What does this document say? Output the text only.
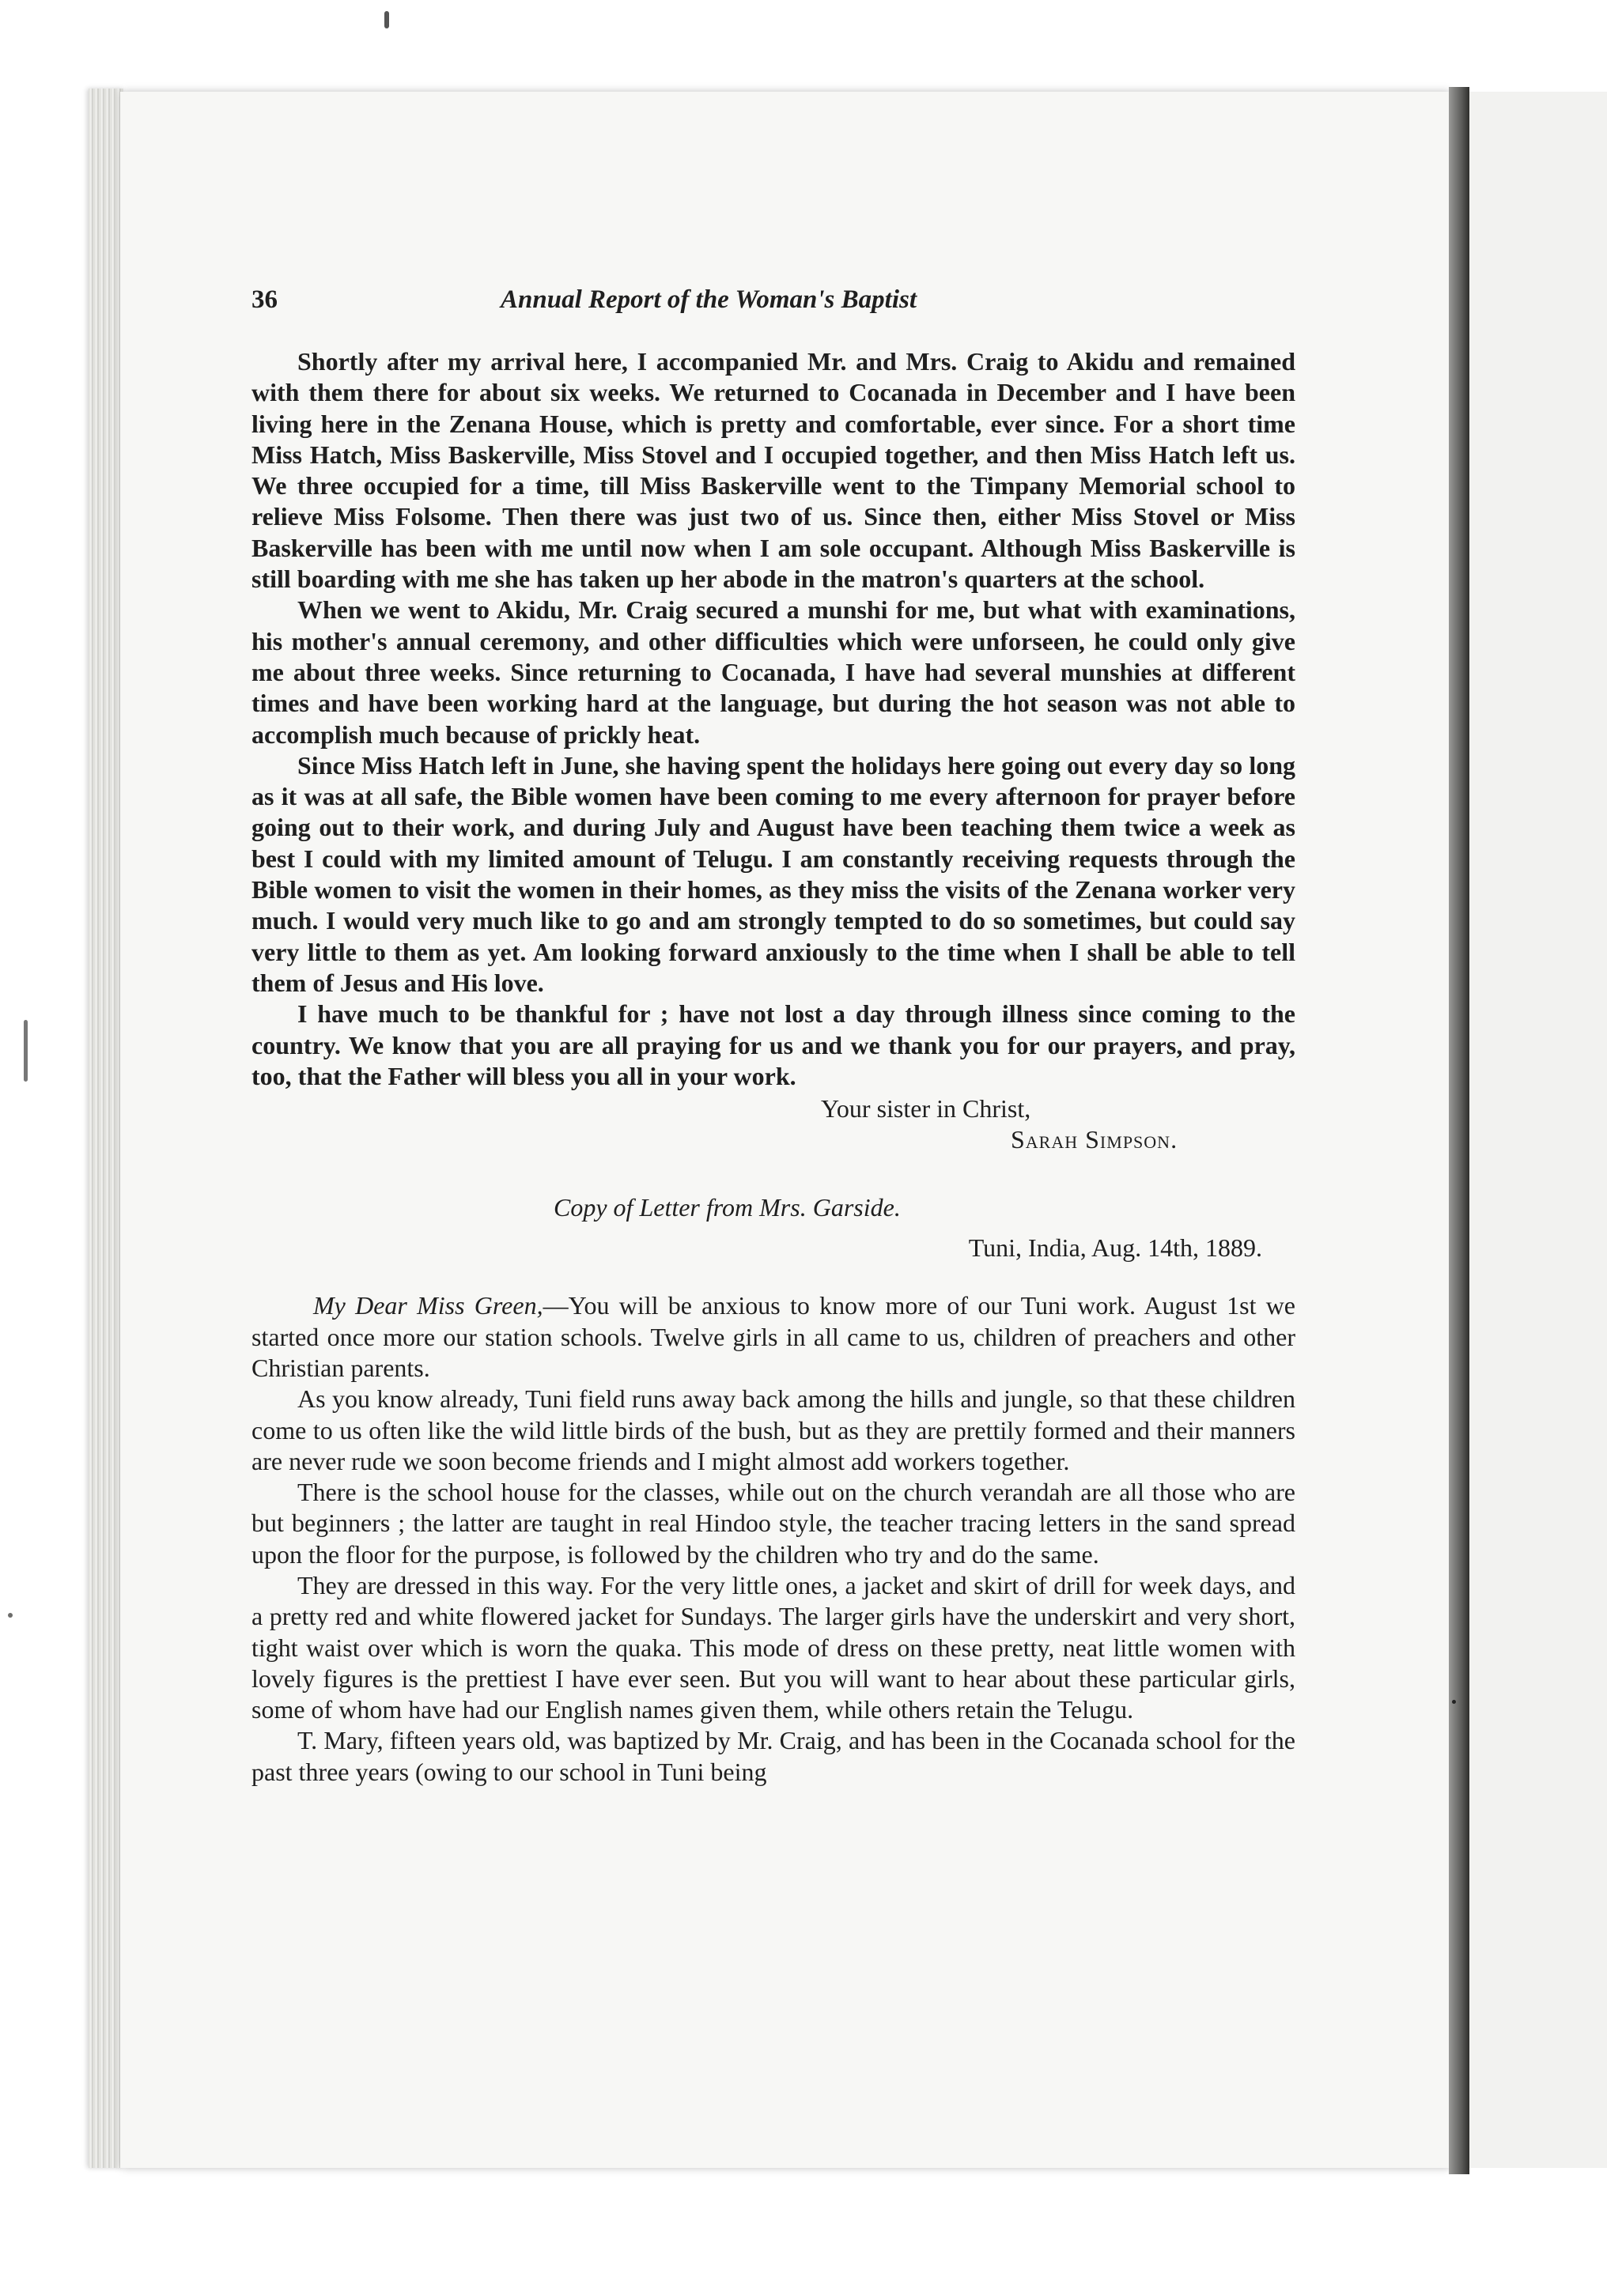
36	Annual Report of the Woman's Baptist

Shortly after my arrival here, I accompanied Mr. and Mrs. Craig to Akidu and remained with them there for about six weeks. We returned to Cocanada in December and I have been living here in the Zenana House, which is pretty and comfortable, ever since. For a short time Miss Hatch, Miss Baskerville, Miss Stovel and I occupied together, and then Miss Hatch left us. We three occupied for a time, till Miss Baskerville went to the Timpany Memorial school to relieve Miss Folsome. Then there was just two of us. Since then, either Miss Stovel or Miss Baskerville has been with me until now when I am sole occupant. Although Miss Baskerville is still boarding with me she has taken up her abode in the matron's quarters at the school.

When we went to Akidu, Mr. Craig secured a munshi for me, but what with examinations, his mother's annual ceremony, and other difficulties which were unforseen, he could only give me about three weeks. Since returning to Cocanada, I have had several munshies at different times and have been working hard at the language, but during the hot season was not able to accomplish much because of prickly heat.

Since Miss Hatch left in June, she having spent the holidays here going out every day so long as it was at all safe, the Bible women have been coming to me every afternoon for prayer before going out to their work, and during July and August have been teaching them twice a week as best I could with my limited amount of Telugu. I am constantly receiving requests through the Bible women to visit the women in their homes, as they miss the visits of the Zenana worker very much. I would very much like to go and am strongly tempted to do so sometimes, but could say very little to them as yet. Am looking forward anxiously to the time when I shall be able to tell them of Jesus and His love.

I have much to be thankful for ; have not lost a day through illness since coming to the country. We know that you are all praying for us and we thank you for our prayers, and pray, too, that the Father will bless you all in your work.

Your sister in Christ,
Sarah Simpson.
Copy of Letter from Mrs. Garside.
Tuni, India, Aug. 14th, 1889.

My Dear Miss Green,—You will be anxious to know more of our Tuni work. August 1st we started once more our station schools. Twelve girls in all came to us, children of preachers and other Christian parents.

As you know already, Tuni field runs away back among the hills and jungle, so that these children come to us often like the wild little birds of the bush, but as they are prettily formed and their manners are never rude we soon become friends and I might almost add workers together.

There is the school house for the classes, while out on the church verandah are all those who are but beginners ; the latter are taught in real Hindoo style, the teacher tracing letters in the sand spread upon the floor for the purpose, is followed by the children who try and do the same.

They are dressed in this way. For the very little ones, a jacket and skirt of drill for week days, and a pretty red and white flowered jacket for Sundays. The larger girls have the underskirt and very short, tight waist over which is worn the quaka. This mode of dress on these pretty, neat little women with lovely figures is the prettiest I have ever seen. But you will want to hear about these particular girls, some of whom have had our English names given them, while others retain the Telugu.

T. Mary, fifteen years old, was baptized by Mr. Craig, and has been in the Cocanada school for the past three years (owing to our school in Tuni being
